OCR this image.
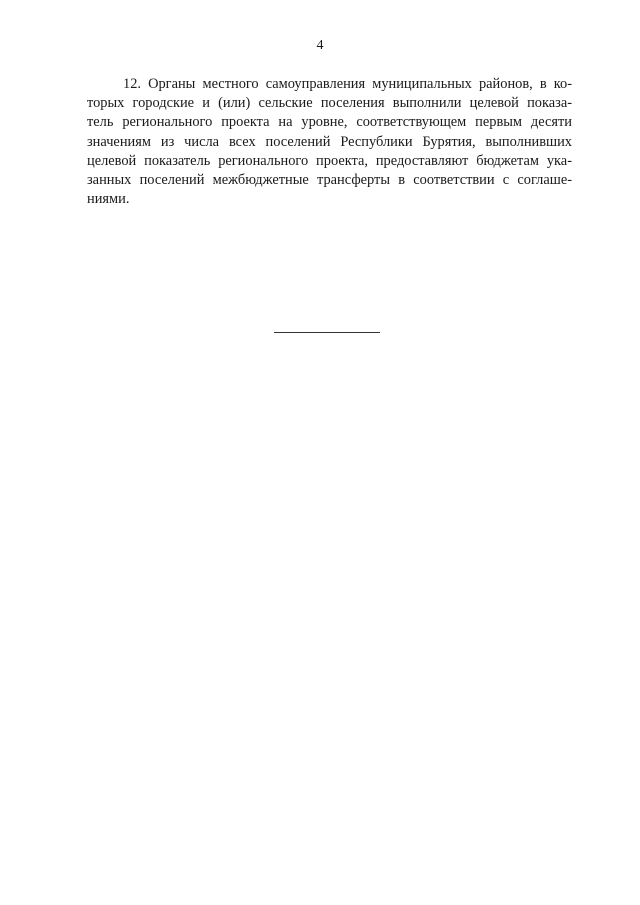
4
12. Органы местного самоуправления муниципальных районов, в ко-
торых городские и (или) сельские поселения выполнили целевой показа-
тель регионального проекта на уровне, соответствующем первым десяти
значениям из числа всех поселений Республики Бурятия, выполнивших
целевой показатель регионального проекта, предоставляют бюджетам ука-
занных поселений межбюджетные трансферты в соответствии с соглаше-
ниями.
